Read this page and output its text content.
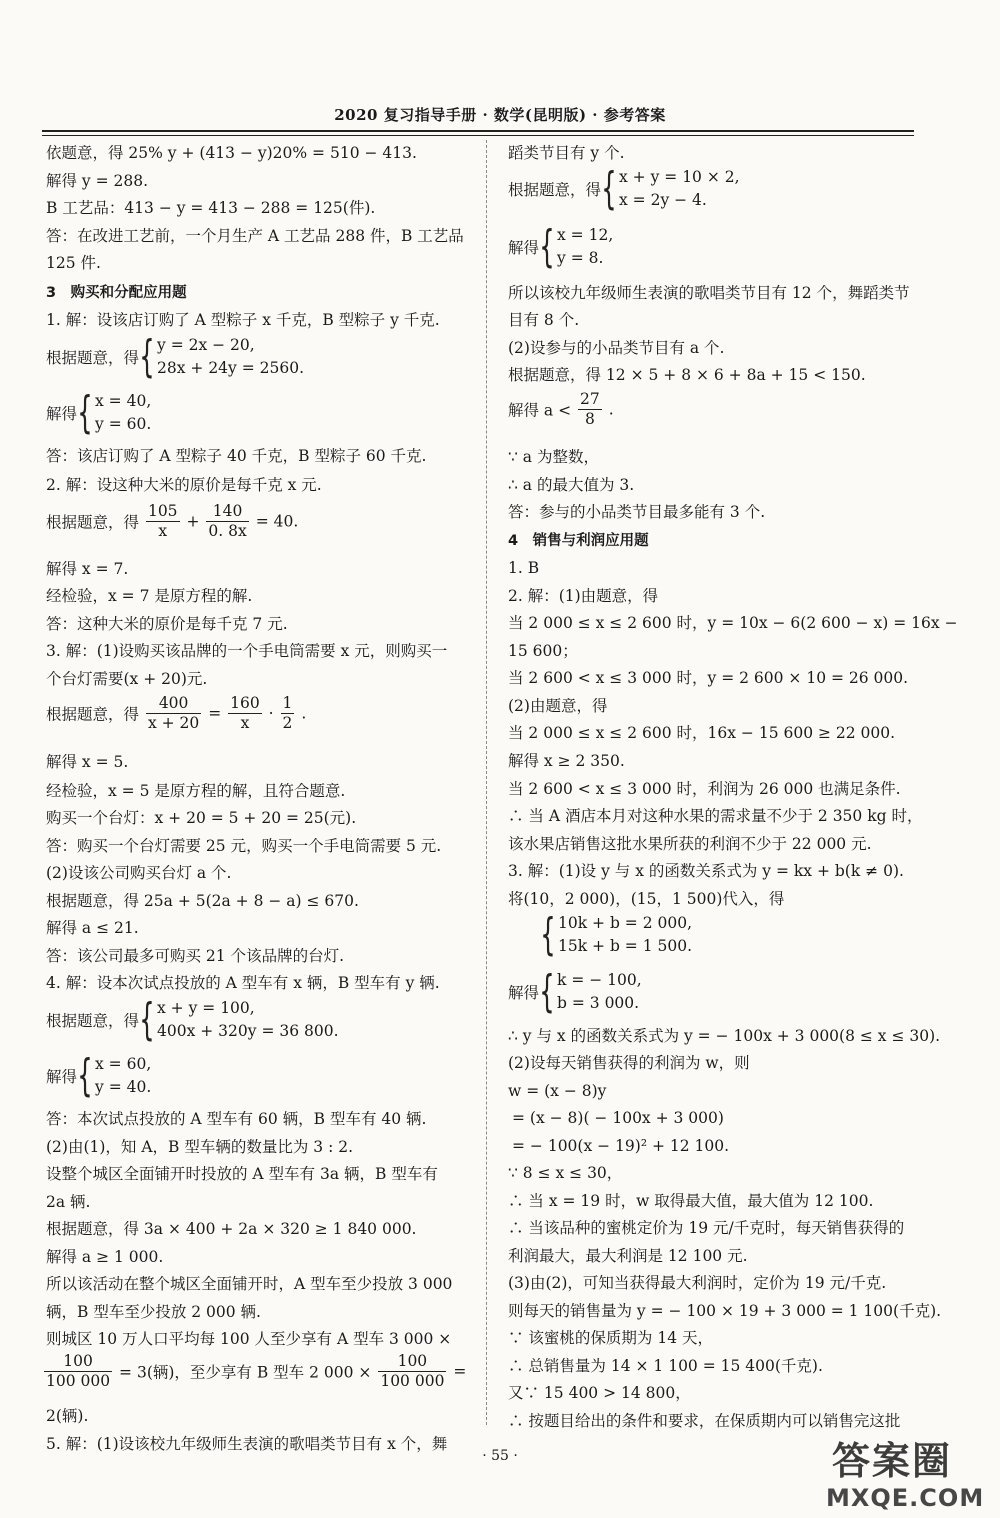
2020 复习指导手册 · 数学(昆明版) · 参考答案
依题意，得 25% y + (413 − y)20% = 510 − 413.
解得 y = 288.
B 工艺品：413 − y = 413 − 288 = 125(件).
答：在改进工艺前，一个月生产 A 工艺品 288 件，B 工艺品
125 件.
3　购买和分配应用题
1. 解：设该店订购了 A 型粽子 x 千克，B 型粽子 y 千克.
根据题意，得{ y = 2x − 20,
28x + 24y = 2560.
解得{ x = 40,
y = 60.
答：该店订购了 A 型粽子 40 千克，B 型粽子 60 千克.
2. 解：设这种大米的原价是每千克 x 元.
根据题意，得 $\frac{105}{x} + \frac{140}{0. 8x} = 40$.
解得 x = 7.
经检验，x = 7 是原方程的解.
答：这种大米的原价是每千克 7 元.
3. 解：(1)设购买该品牌的一个手电筒需要 x 元，则购买一
个台灯需要(x + 20)元.
根据题意，得 $\frac{400}{x + 20} = \frac{160}{x} \cdot \frac{1}{2}$ .
解得 x = 5.
经检验，x = 5 是原方程的解，且符合题意.
购买一个台灯：x + 20 = 5 + 20 = 25(元).
答：购买一个台灯需要 25 元，购买一个手电筒需要 5 元.
(2)设该公司购买台灯 a 个.
根据题意，得 25a + 5(2a + 8 − a) ≤ 670.
解得 a ≤ 21.
答：该公司最多可购买 21 个该品牌的台灯.
4. 解：设本次试点投放的 A 型车有 x 辆，B 型车有 y 辆.
根据题意，得{ x + y = 100,
400x + 320y = 36 800.
解得{ x = 60,
y = 40.
答：本次试点投放的 A 型车有 60 辆，B 型车有 40 辆.
(2)由(1)，知 A，B 型车辆的数量比为 3 : 2.
设整个城区全面铺开时投放的 A 型车有 3a 辆，B 型车有
2a 辆.
根据题意，得 3a × 400 + 2a × 320 ≥ 1 840 000.
解得 a ≥ 1 000.
所以该活动在整个城区全面铺开时，A 型车至少投放 3 000
辆，B 型车至少投放 2 000 辆.
则城区 10 万人口平均每 100 人至少享有 A 型车 3 000 ×
$\frac{100}{100 000} = 3$(辆)，至少享有 B 型车 2 $000 \times \frac{100}{100 000}$ =
2(辆).
5. 解：(1)设该校九年级师生表演的歌唱类节目有 x 个，舞
蹈类节目有 y 个.
根据题意，得{ x + y = 10 × 2,
x = 2y − 4.
解得{ x = 12,
y = 8.
所以该校九年级师生表演的歌唱类节目有 12 个，舞蹈类节
目有 8 个.
(2)设参与的小品类节目有 a 个.
根据题意，得 12 × 5 + 8 × 6 + 8a + 15 < 150.
解得 $a < \frac{27}{8}$ .
∵ a 为整数，
∴ a 的最大值为 3.
答：参与的小品类节目最多能有 3 个.
4　销售与利润应用题
1. B
2. 解：(1)由题意，得
当 2 000 ≤ x ≤ 2 600 时，y = 10x − 6(2 600 − x) = 16x −
15 600；
当 2 600 < x ≤ 3 000 时，y = 2 600 × 10 = 26 000.
(2)由题意，得
当 2 000 ≤ x ≤ 2 600 时，16x − 15 600 ≥ 22 000.
解得 x ≥ 2 350.
当 2 600 < x ≤ 3 000 时，利润为 26 000 也满足条件.
∴ 当 A 酒店本月对这种水果的需求量不少于 2 350 kg 时，
该水果店销售这批水果所获的利润不少于 22 000 元.
3. 解：(1)设 y 与 x 的函数关系式为 y = kx + b(k ≠ 0).
将(10，2 000)，(15，1 500)代入，得
{ 10k + b = 2 000,
15k + b = 1 500.
解得{ k = − 100,
b = 3 000.
∴ y 与 x 的函数关系式为 y = − 100x + 3 000(8 ≤ x ≤ 30).
(2)设每天销售获得的利润为 w，则
w = (x − 8)y
= (x − 8)( − 100x + 3 000)
= − 100(x − 19)² + 12 100.
∵ 8 ≤ x ≤ 30，
∴ 当 x = 19 时，w 取得最大值，最大值为 12 100.
∴ 当该品种的蜜桃定价为 19 元/千克时，每天销售获得的
利润最大，最大利润是 12 100 元.
(3)由(2)，可知当获得最大利润时，定价为 19 元/千克.
则每天的销售量为 y = − 100 × 19 + 3 000 = 1 100(千克).
∵ 该蜜桃的保质期为 14 天，
∴ 总销售量为 14 × 1 100 = 15 400(千克).
又∵ 15 400 > 14 800，
∴ 按题目给出的条件和要求，在保质期内可以销售完这批
· 55 ·	答案圈
MXQE.COM
